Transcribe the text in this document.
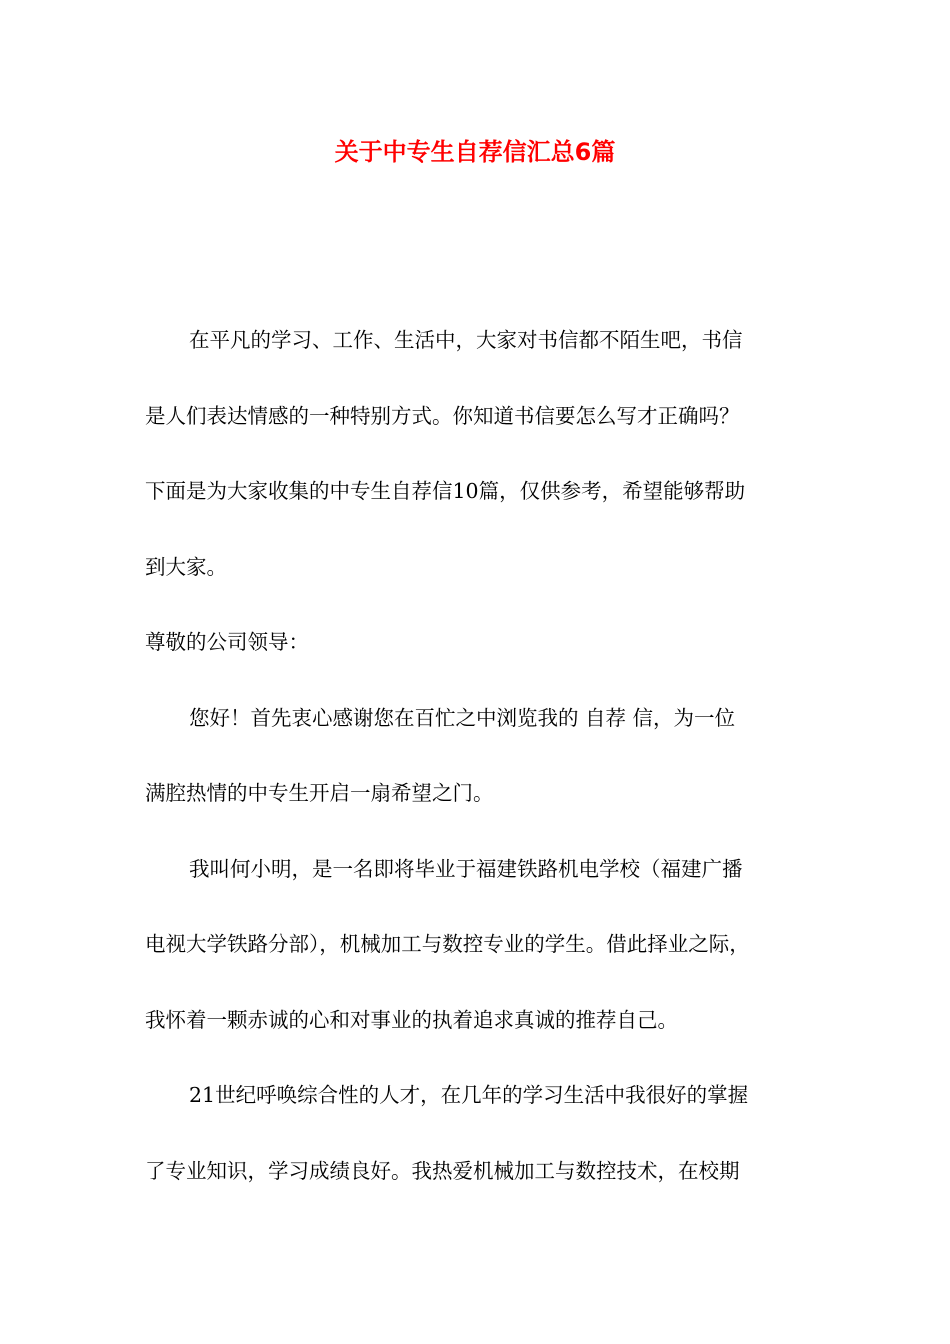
关于中专生自荐信汇总6篇
在平凡的学习、工作、生活中，大家对书信都不陌生吧，书信
是人们表达情感的一种特别方式。你知道书信要怎么写才正确吗？
下面是为大家收集的中专生自荐信10篇，仅供参考，希望能够帮助
到大家。
尊敬的公司领导：
您好！首先衷心感谢您在百忙之中浏览我的 自荐 信，为一位
满腔热情的中专生开启一扇希望之门。
我叫何小明，是一名即将毕业于福建铁路机电学校（福建广播
电视大学铁路分部），机械加工与数控专业的学生。借此择业之际，
我怀着一颗赤诚的心和对事业的执着追求真诚的推荐自己。
21世纪呼唤综合性的人才，在几年的学习生活中我很好的掌握
了专业知识，学习成绩良好。我热爱机械加工与数控技术，在校期
